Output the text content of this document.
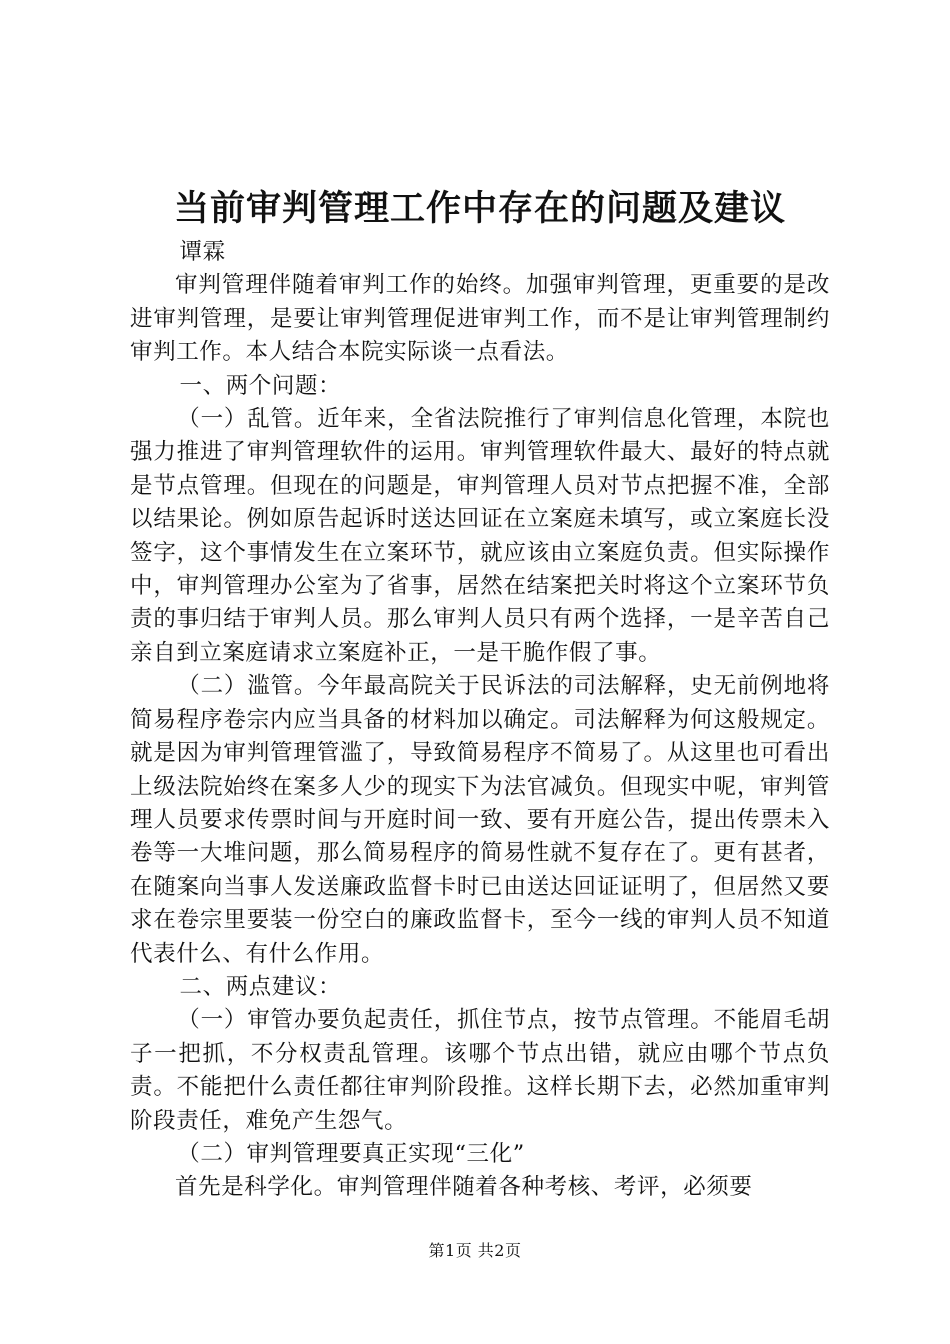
当前审判管理工作中存在的问题及建议

谭霖

审判管理伴随着审判工作的始终。加强审判管理，更重要的是改进审判管理，是要让审判管理促进审判工作，而不是让审判管理制约审判工作。本人结合本院实际谈一点看法。

一、两个问题：

（一）乱管。近年来，全省法院推行了审判信息化管理，本院也强力推进了审判管理软件的运用。审判管理软件最大、最好的特点就是节点管理。但现在的问题是，审判管理人员对节点把握不准，全部以结果论。例如原告起诉时送达回证在立案庭未填写，或立案庭长没签字，这个事情发生在立案环节，就应该由立案庭负责。但实际操作中，审判管理办公室为了省事，居然在结案把关时将这个立案环节负责的事归结于审判人员。那么审判人员只有两个选择，一是辛苦自己亲自到立案庭请求立案庭补正，一是干脆作假了事。

（二）滥管。今年最高院关于民诉法的司法解释，史无前例地将简易程序卷宗内应当具备的材料加以确定。司法解释为何这般规定。就是因为审判管理管滥了，导致简易程序不简易了。从这里也可看出上级法院始终在案多人少的现实下为法官减负。但现实中呢，审判管理人员要求传票时间与开庭时间一致、要有开庭公告，提出传票未入卷等一大堆问题，那么简易程序的简易性就不复存在了。更有甚者，在随案向当事人发送廉政监督卡时已由送达回证证明了，但居然又要求在卷宗里要装一份空白的廉政监督卡，至今一线的审判人员不知道代表什么、有什么作用。

二、两点建议：

（一）审管办要负起责任，抓住节点，按节点管理。不能眉毛胡子一把抓，不分权责乱管理。该哪个节点出错，就应由哪个节点负责。不能把什么责任都往审判阶段推。这样长期下去，必然加重审判阶段责任，难免产生怨气。

（二）审判管理要真正实现“三化”

首先是科学化。审判管理伴随着各种考核、考评，必须要

第1页 共2页
